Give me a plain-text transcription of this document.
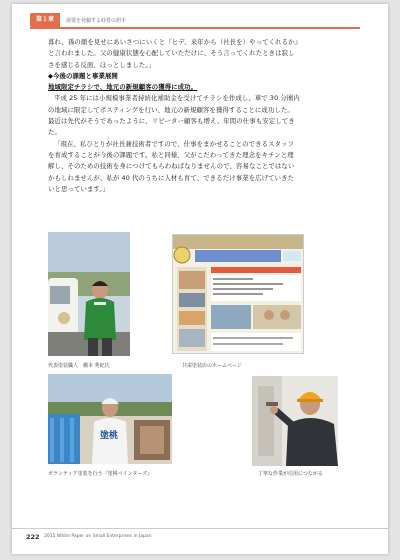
第１章	需要を発掘する経営の担手

暮れ、孫の顔を見せにあいさつにいくと『ヒデ、来年から（社長を）やってくれるか』

と言われました。父の健康状態を心配していただけに、そう言ってくれたときは寂し

さを感じる反面、ほっとしました。」

◆今後の課題と事業展開

地域限定チラシで、地元の新規顧客の獲得に成功。

平成 25 年には小規模事業者持続化補助金を受けてチラシを作成し、車で 30 分圏内

の地域に限定してポスティングを行い、地元の新規顧客を獲得することに成功した。

最近は先代がそうであったように、リピーター顧客も増え、年間の仕事も安定してき

た。

「現在、私ひとりが社長兼技術者ですので、仕事をまかせることのできるスタッフ

を育成することが今後の課題です。私と同様、父がこだわってきた理念をキチンと理

解し、そのための技術を身につけてもらわねばなりませんので、容易なことではない

かもしれませんが、私が 40 代のうちに人材も育て、できるだけ事業を広げていきた

いと思っています。」

代表塗装職人　橋本 秀紀氏	共栄塗装店のホームページ
塗桃
ボランティア塗装を行う『塗桃ペインターズ』	丁寧な作業が信用につながる
222 2015 White Paper on Small Enterprises in Japan
